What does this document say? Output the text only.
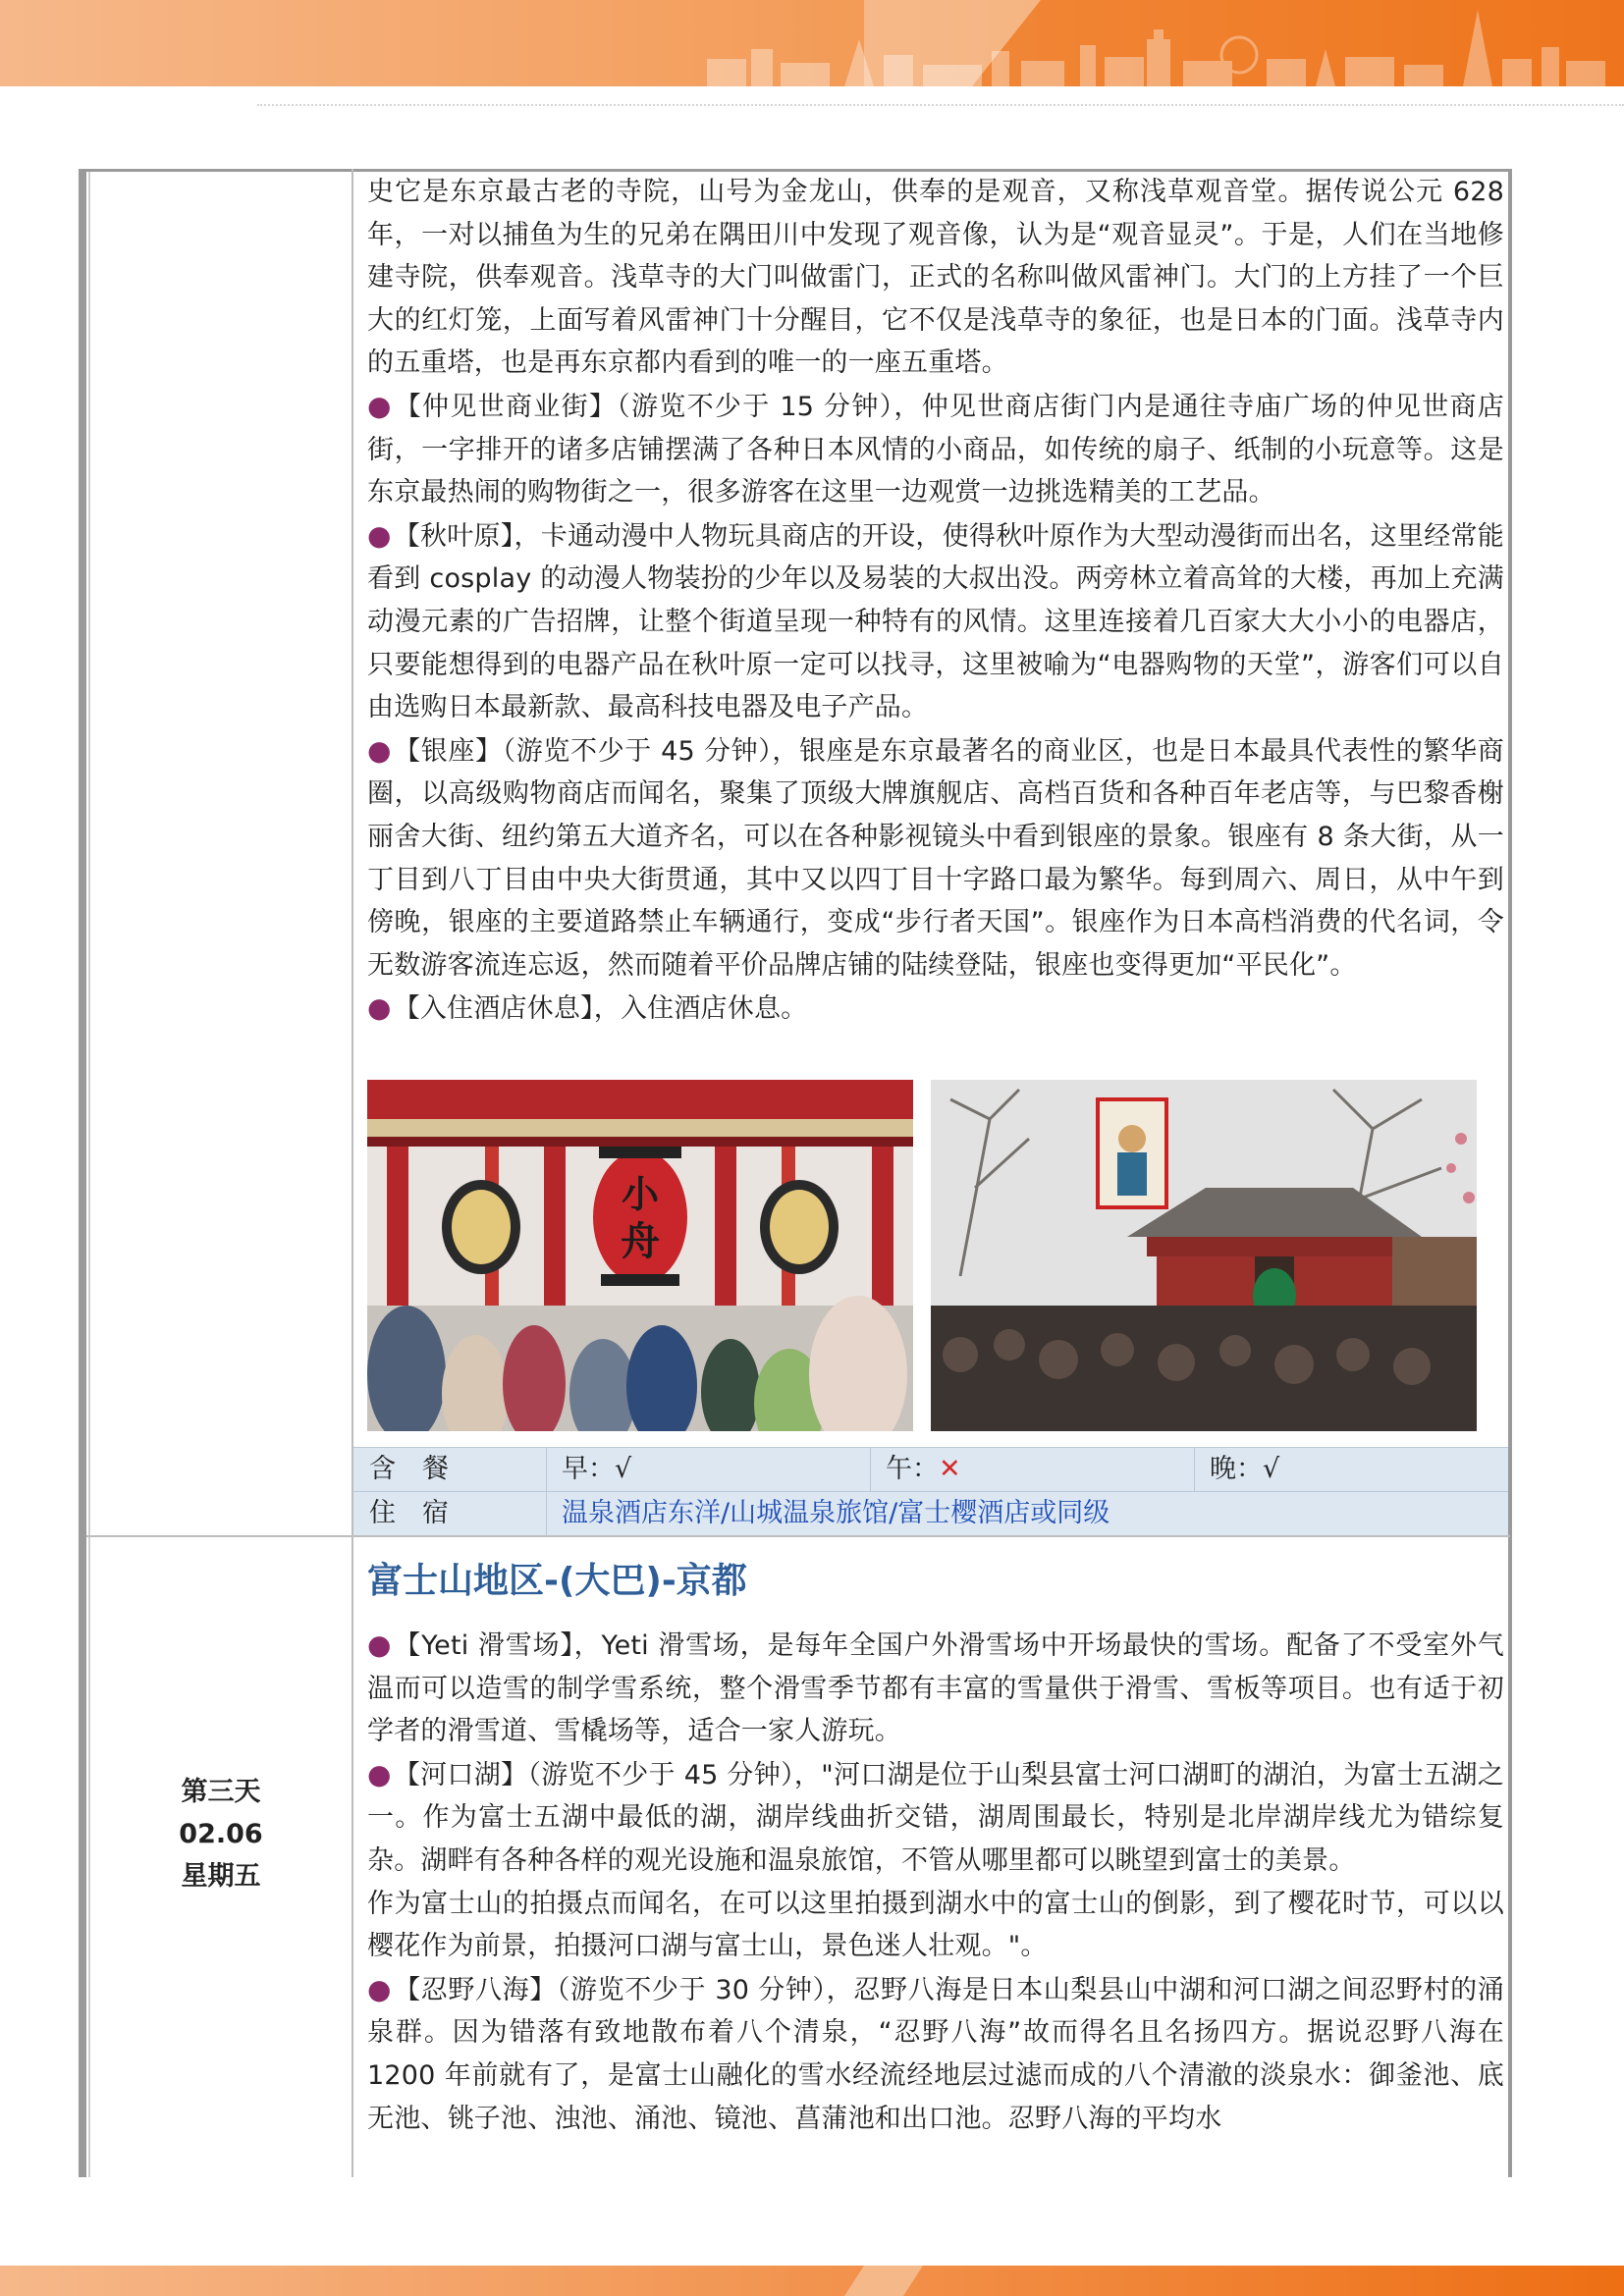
史它是东京最古老的寺院，山号为金龙山，供奉的是观音，又称浅草观音堂。据传说公元 628 年，一对以捕鱼为生的兄弟在隅田川中发现了观音像，认为是“观音显灵”。于是，人们在当地修建寺院，供奉观音。浅草寺的大门叫做雷门，正式的名称叫做风雷神门。大门的上方挂了一个巨大的红灯笼，上面写着风雷神门十分醒目，它不仅是浅草寺的象征，也是日本的门面。浅草寺内的五重塔，也是再东京都内看到的唯一的一座五重塔。

●【仲见世商业街】（游览不少于 15 分钟），仲见世商店街门内是通往寺庙广场的仲见世商店街，一字排开的诸多店铺摆满了各种日本风情的小商品，如传统的扇子、纸制的小玩意等。这是东京最热闹的购物街之一，很多游客在这里一边观赏一边挑选精美的工艺品。

●【秋叶原】，卡通动漫中人物玩具商店的开设，使得秋叶原作为大型动漫街而出名，这里经常能看到 cosplay 的动漫人物装扮的少年以及易装的大叔出没。两旁林立着高耸的大楼，再加上充满动漫元素的广告招牌，让整个街道呈现一种特有的风情。这里连接着几百家大大小小的电器店，只要能想得到的电器产品在秋叶原一定可以找寻，这里被喻为“电器购物的天堂”，游客们可以自由选购日本最新款、最高科技电器及电子产品。

●【银座】（游览不少于 45 分钟），银座是东京最著名的商业区，也是日本最具代表性的繁华商圈，以高级购物商店而闻名，聚集了顶级大牌旗舰店、高档百货和各种百年老店等，与巴黎香榭丽舍大街、纽约第五大道齐名，可以在各种影视镜头中看到银座的景象。银座有 8 条大街，从一丁目到八丁目由中央大街贯通，其中又以四丁目十字路口最为繁华。每到周六、周日，从中午到傍晚，银座的主要道路禁止车辆通行，变成“步行者天国”。银座作为日本高档消费的代名词，令无数游客流连忘返，然而随着平价品牌店铺的陆续登陆，银座也变得更加“平民化”。

●【入住酒店休息】，入住酒店休息。

小
舟
含　餐	早：√	午：✕	晚：√
住　宿	温泉酒店东洋/山城温泉旅馆/富士樱酒店或同级
第三天
02.06
星期五
富士山地区-(大巴)-京都

●【Yeti 滑雪场】，Yeti 滑雪场，是每年全国户外滑雪场中开场最快的雪场。配备了不受室外气温而可以造雪的制学雪系统，整个滑雪季节都有丰富的雪量供于滑雪、雪板等项目。也有适于初学者的滑雪道、雪橇场等，适合一家人游玩。

●【河口湖】（游览不少于 45 分钟），"河口湖是位于山梨县富士河口湖町的湖泊，为富士五湖之一。作为富士五湖中最低的湖，湖岸线曲折交错，湖周围最长，特别是北岸湖岸线尤为错综复杂。湖畔有各种各样的观光设施和温泉旅馆，不管从哪里都可以眺望到富士的美景。

作为富士山的拍摄点而闻名，在可以这里拍摄到湖水中的富士山的倒影，到了樱花时节，可以以樱花作为前景，拍摄河口湖与富士山，景色迷人壮观。"。

●【忍野八海】（游览不少于 30 分钟），忍野八海是日本山梨县山中湖和河口湖之间忍野村的涌泉群。因为错落有致地散布着八个清泉，“忍野八海”故而得名且名扬四方。据说忍野八海在 1200 年前就有了，是富士山融化的雪水经流经地层过滤而成的八个清澈的淡泉水：御釜池、底无池、铫子池、浊池、涌池、镜池、菖蒲池和出口池。忍野八海的平均水
